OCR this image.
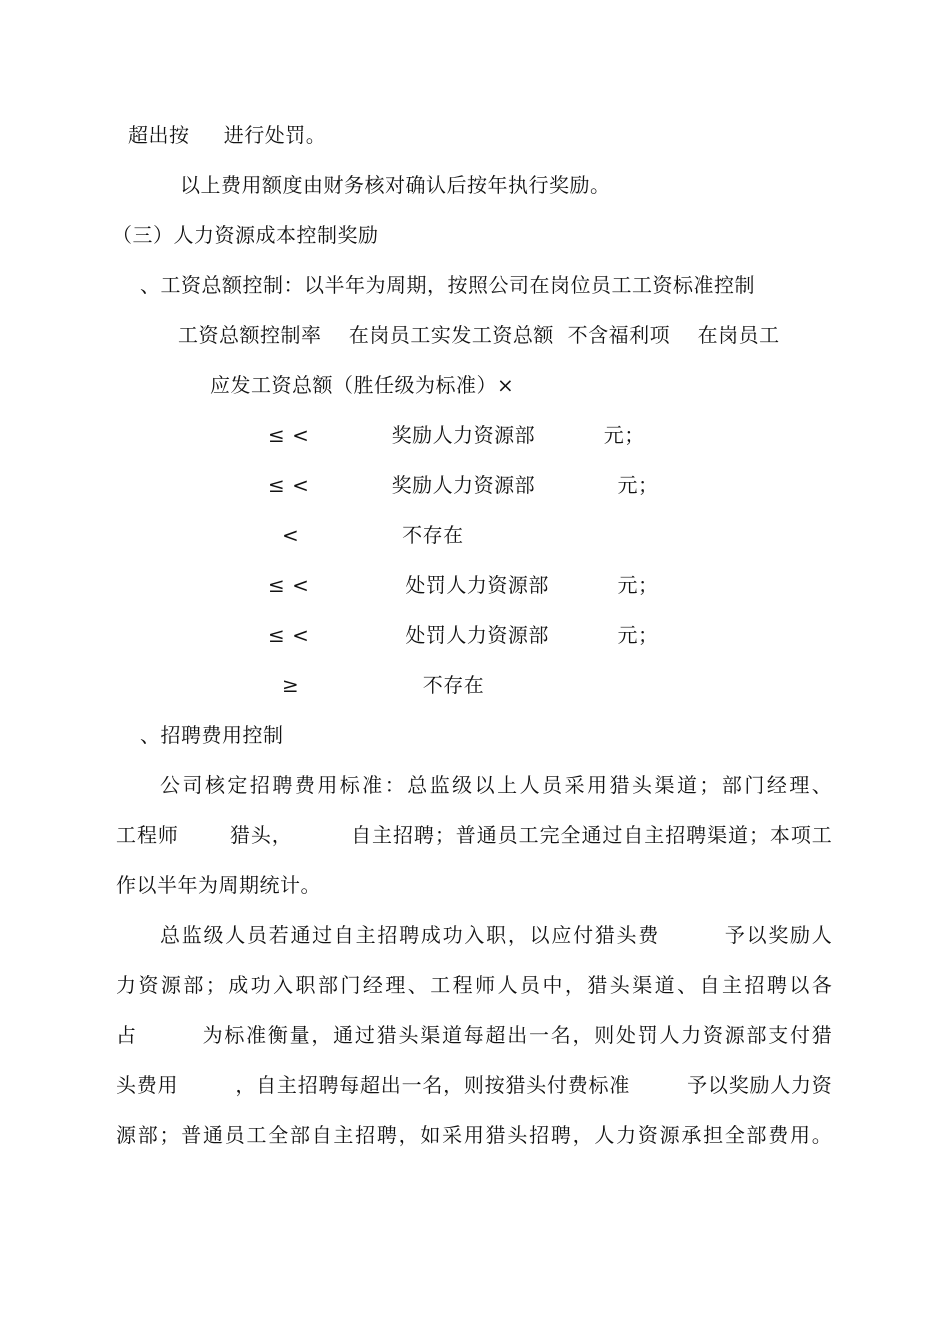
超出按     进行处罚。
以上费用额度由财务核对确认后按年执行奖励。
（三）人力资源成本控制奖励
、工资总额控制：以半年为周期，按照公司在岗位员工工资标准控制
工资总额控制率    在岗员工实发工资总额  不含福利项    在岗员工
应发工资总额（胜任级为标准）×
≤ <            奖励人力资源部          元；
≤ <            奖励人力资源部            元；
<               不存在
≤ <              处罚人力资源部          元；
≤ <              处罚人力资源部          元；
≥                  不存在
、招聘费用控制
公司核定招聘费用标准：总监级以上人员采用猎头渠道；部门经理、
工程师       猎头，        自主招聘；普通员工完全通过自主招聘渠道；本项工
作以半年为周期统计。
总监级人员若通过自主招聘成功入职，以应付猎头费        予以奖励人
力资源部；成功入职部门经理、工程师人员中，猎头渠道、自主招聘以各
占        为标准衡量，通过猎头渠道每超出一名，则处罚人力资源部支付猎
头费用        ，自主招聘每超出一名，则按猎头付费标准        予以奖励人力资
源部；普通员工全部自主招聘，如采用猎头招聘，人力资源承担全部费用。
